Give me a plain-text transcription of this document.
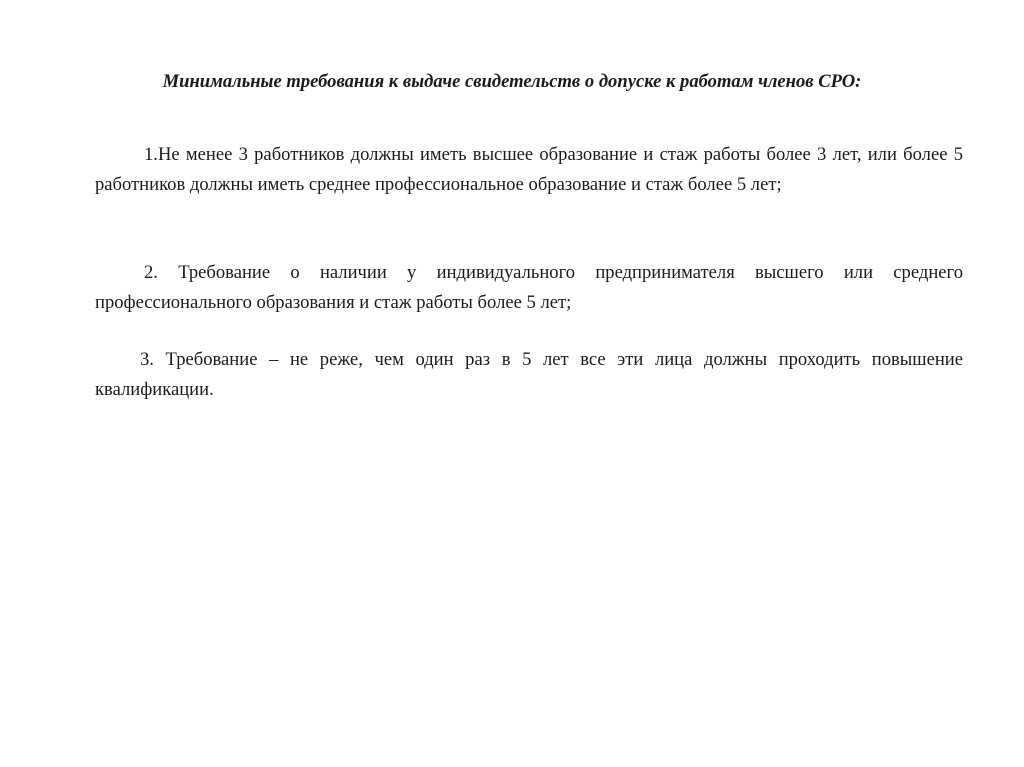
Минимальные требования к выдаче свидетельств о допуске к работам членов СРО:

1.Не менее 3 работников должны иметь высшее образование и стаж работы более 3 лет, или более 5 работников должны иметь среднее профессиональное образование и стаж более 5 лет;

2. Требование о наличии у индивидуального предпринимателя высшего или среднего профессионального образования и стаж работы более 5 лет;

3. Требование – не реже, чем один раз в 5 лет все эти лица должны проходить повышение квалификации.
